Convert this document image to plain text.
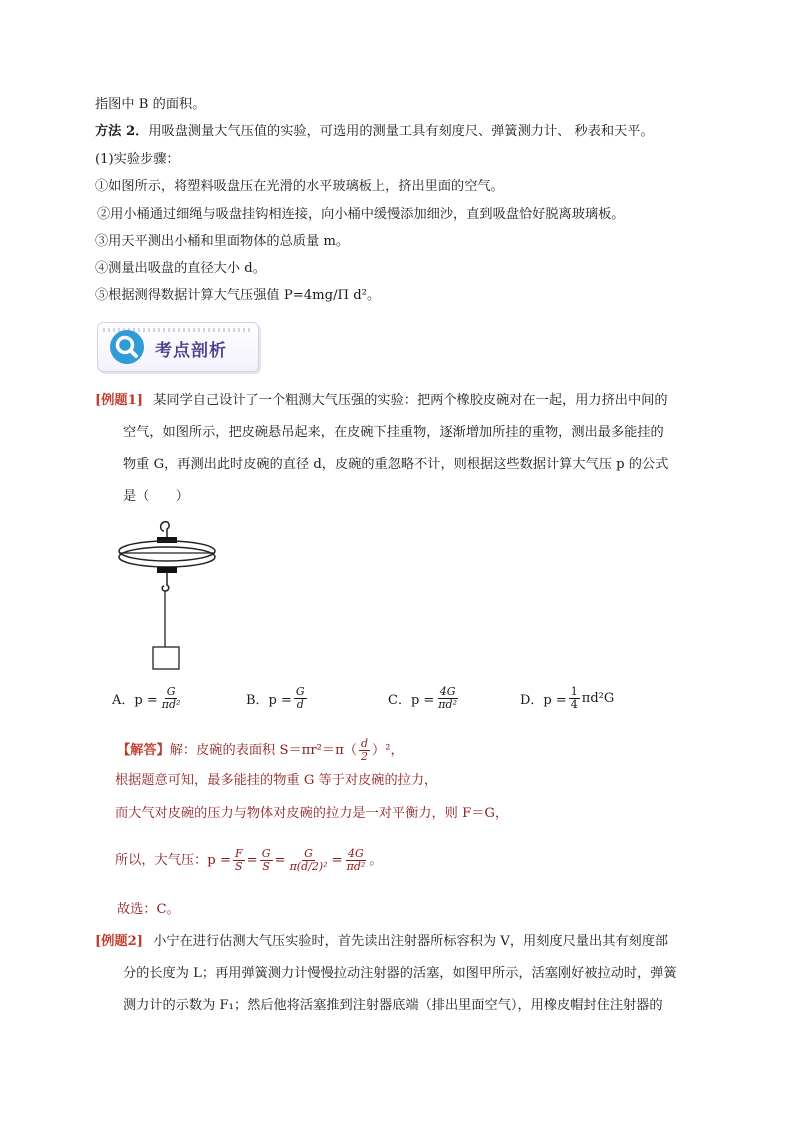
指图中 B 的面积。
方法 2．用吸盘测量大气压值的实验，可选用的测量工具有刻度尺、弹簧测力计、 秒表和天平。
(1)实验步骤：
①如图所示，将塑料吸盘压在光滑的水平玻璃板上，挤出里面的空气。
②用小桶通过细绳与吸盘挂钩相连接，向小桶中缓慢添加细沙，直到吸盘恰好脱离玻璃板。
③用天平测出小桶和里面物体的总质量 m。
④测量出吸盘的直径大小 d。
⑤根据测得数据计算大气压强值 P=4mg/Π d²。
考点剖析
[例题1] 某同学自己设计了一个粗测大气压强的实验：把两个橡胶皮碗对在一起，用力挤出中间的
空气，如图所示，把皮碗悬吊起来，在皮碗下挂重物，逐渐增加所挂的重物，测出最多能挂的
物重 G，再测出此时皮碗的直径 d，皮碗的重忽略不计，则根据这些数据计算大气压 p 的公式
是（　　）
A．$p = \frac{G}{\text{πd²}}$	B．$p = \frac{G}{d}$	C．$p = \frac{4G}{\text{πd²}}$	D．$p = \frac{1}{4} \pi d^2G$
【解答】 解：皮碗的表面积 $S=\pi r^2=\pi( \frac{d}{2} )^2$，
根据题意可知，最多能挂的物重 G 等于对皮碗的拉力，
而大气对皮碗的压力与物体对皮碗的拉力是一对平衡力，则 F＝G，
所以，大气压：$p = \frac{F}{S} = \frac{G}{S} = \frac{G}{\text{π(d/2)²}} = \frac{4G}{\text{πd²}}$ 。
故选：C。
[例题2] 小宁在进行估测大气压实验时，首先读出注射器所标容积为 V，用刻度尺量出其有刻度部
分的长度为 L；再用弹簧测力计慢慢拉动注射器的活塞，如图甲所示，活塞刚好被拉动时，弹簧
测力计的示数为 F₁；然后他将活塞推到注射器底端（排出里面空气），用橡皮帽封住注射器的
